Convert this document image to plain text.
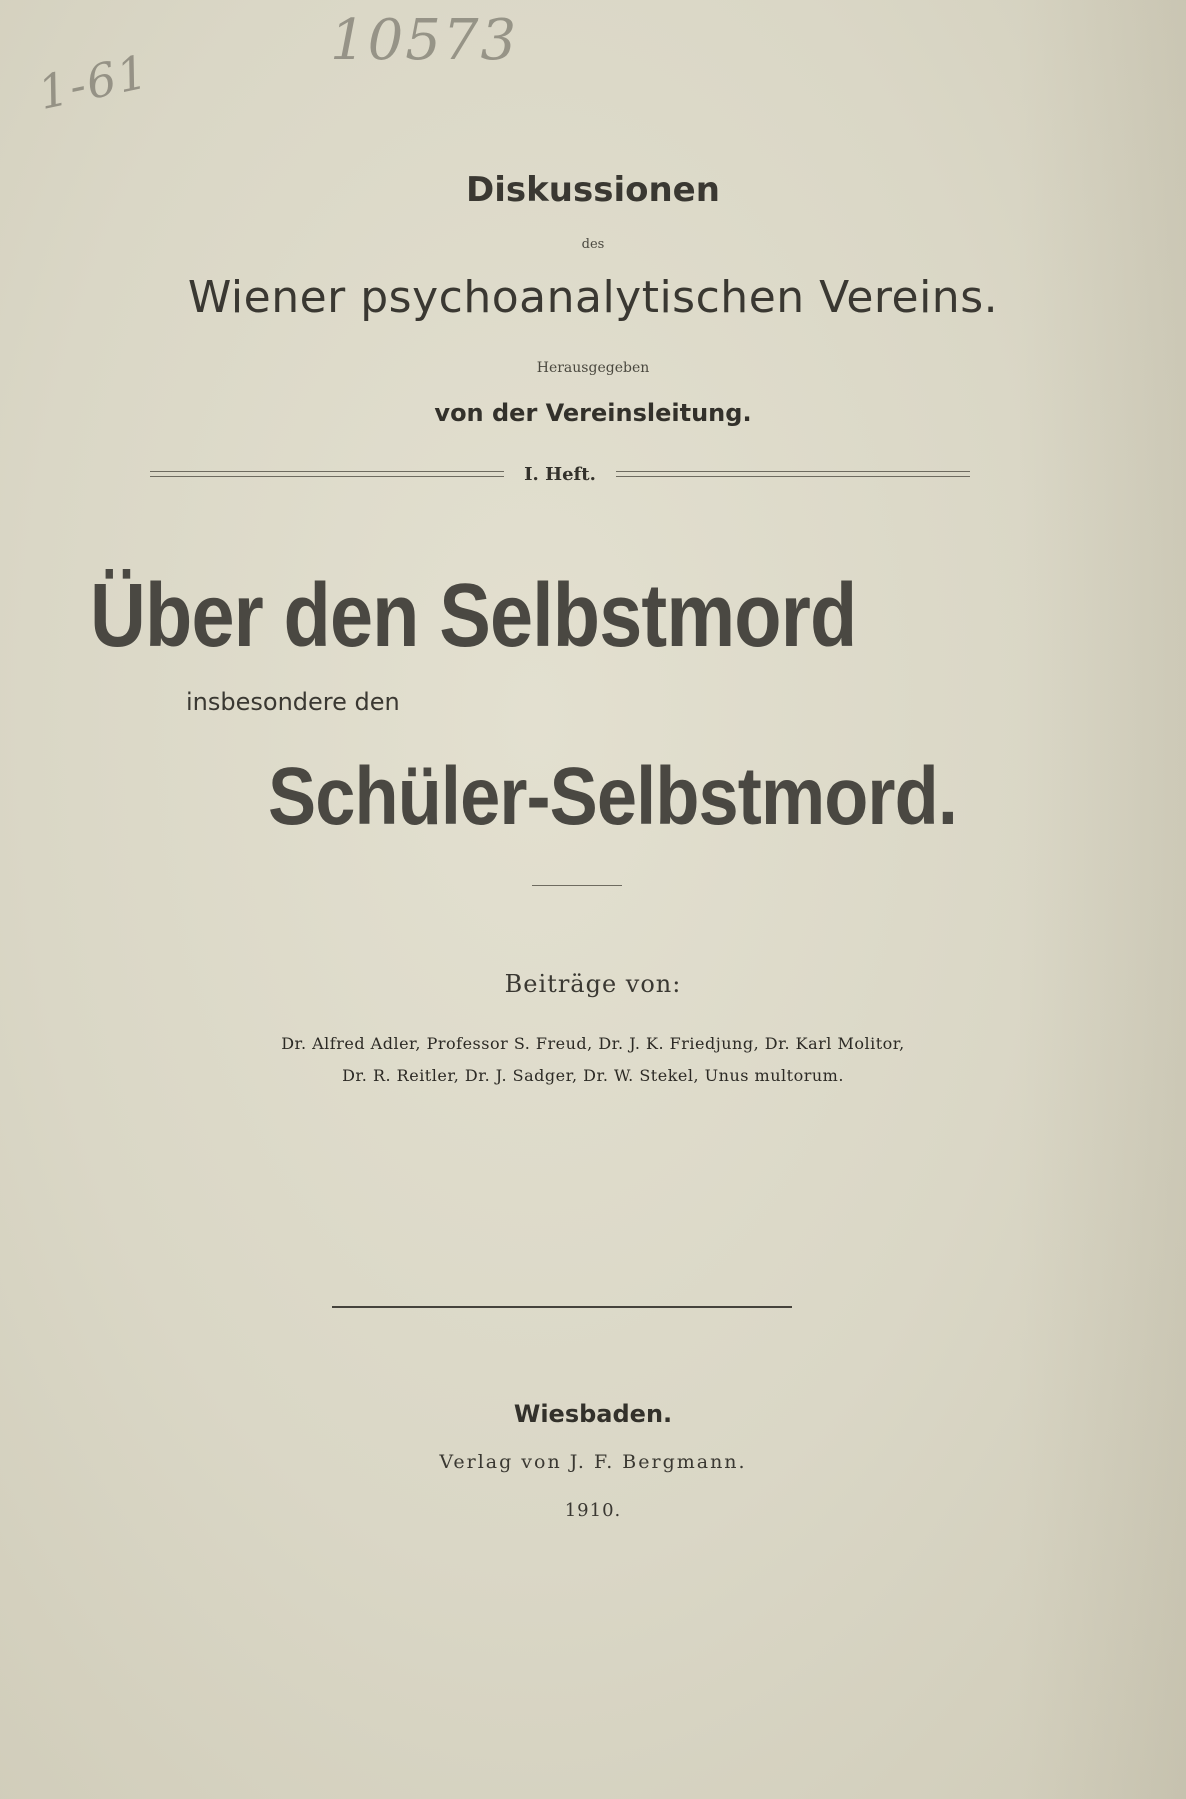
1-61
10573
Diskussionen
des
Wiener psychoanalytischen Vereins.
Herausgegeben
von der Vereinsleitung.
I. Heft.
Über den Selbstmord
insbesondere den
Schüler-Selbstmord.
Beiträge von:
Dr. Alfred Adler, Professor S. Freud, Dr. J. K. Friedjung, Dr. Karl Molitor,
Dr. R. Reitler, Dr. J. Sadger, Dr. W. Stekel, Unus multorum.
Wiesbaden.
Verlag von J. F. Bergmann.
1910.
